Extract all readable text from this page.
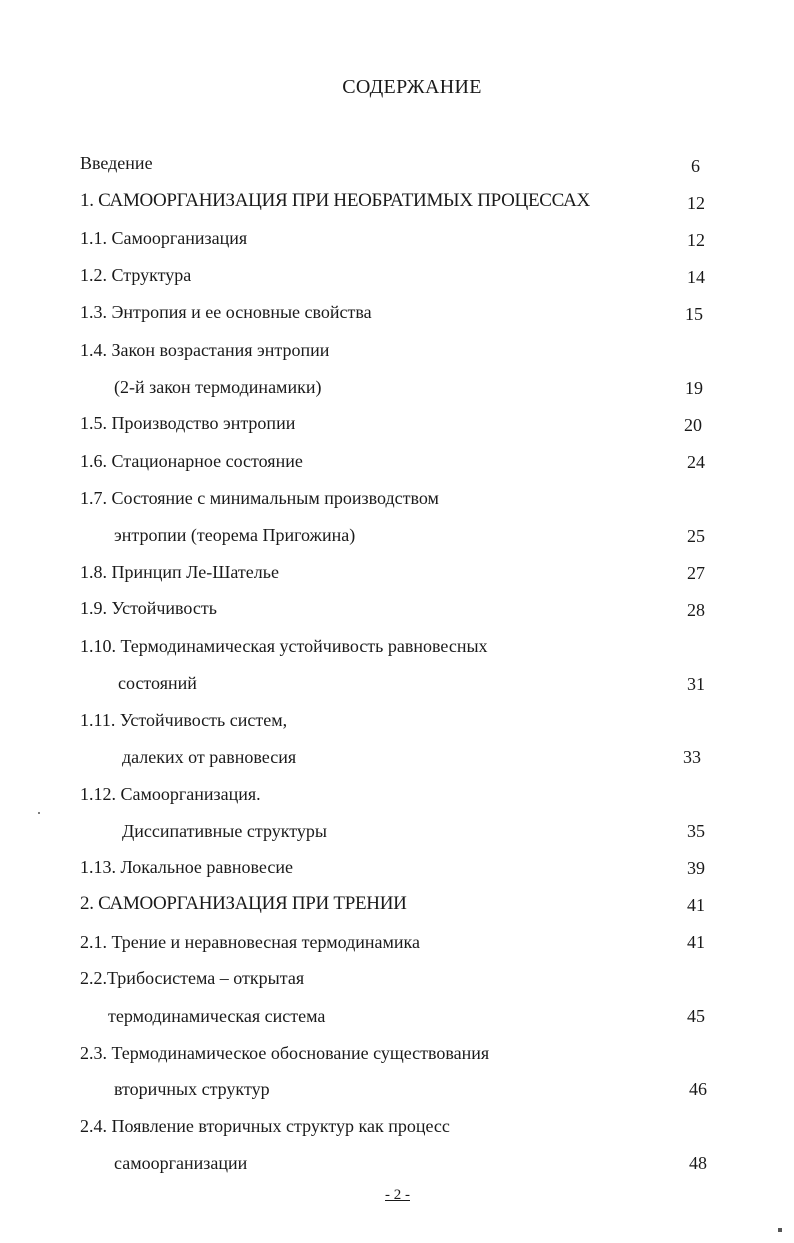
СОДЕРЖАНИЕ
Введение	6
1. САМООРГАНИЗАЦИЯ ПРИ НЕОБРАТИМЫХ ПРОЦЕССАХ	12
1.1. Самоорганизация	12
1.2. Структура	14
1.3. Энтропия и ее основные свойства	15
1.4. Закон возрастания энтропии
(2-й закон термодинамики)	19
1.5. Производство энтропии	20
1.6. Стационарное состояние	24
1.7. Состояние с минимальным производством
энтропии (теорема Пригожина)	25
1.8. Принцип Ле-Шателье	27
1.9. Устойчивость	28
1.10. Термодинамическая устойчивость равновесных
состояний	31
1.11. Устойчивость систем,
далеких от равновесия	33
1.12. Самоорганизация.
Диссипативные структуры	35
1.13. Локальное равновесие	39
2. САМООРГАНИЗАЦИЯ ПРИ ТРЕНИИ	41
2.1. Трение и неравновесная термодинамика	41
2.2.Трибосистема – открытая
термодинамическая система	45
2.3. Термодинамическое обоснование существования
вторичных структур	46
2.4. Появление вторичных структур как процесс
самоорганизации	48
- 2 -
